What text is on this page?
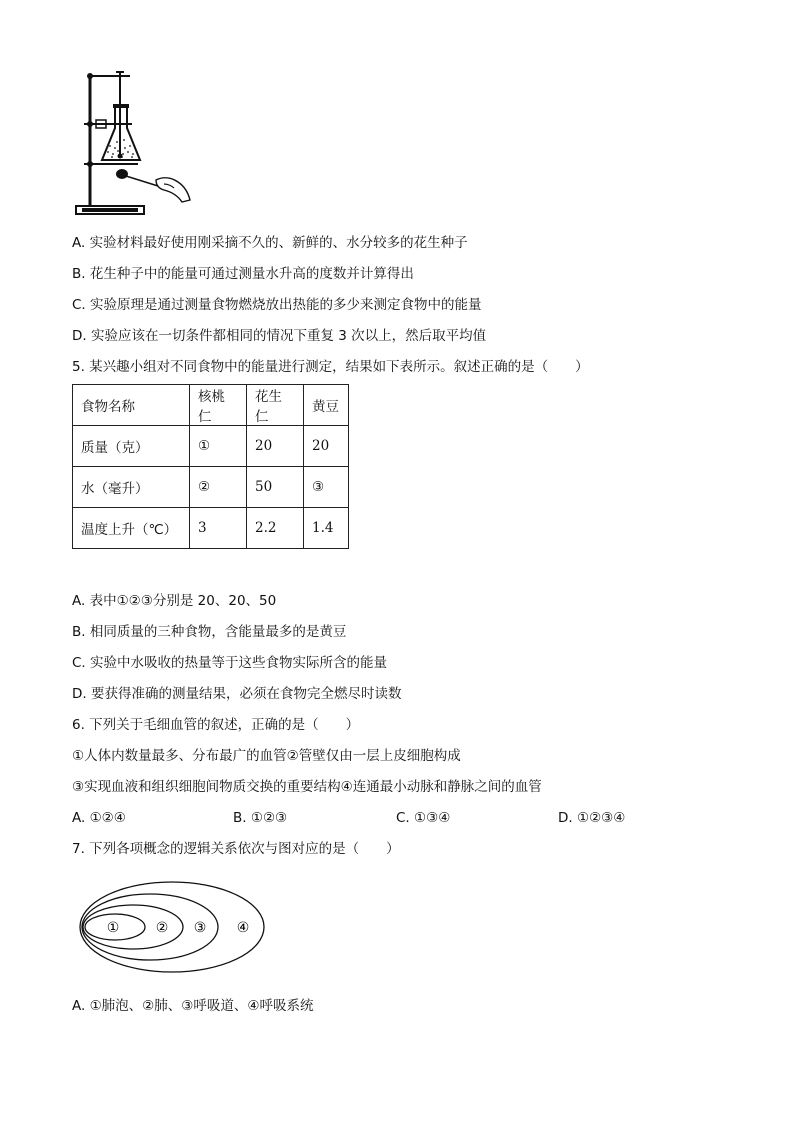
A. 实验材料最好使用刚采摘不久的、新鲜的、水分较多的花生种子
B. 花生种子中的能量可通过测量水升高的度数并计算得出
C. 实验原理是通过测量食物燃烧放出热能的多少来测定食物中的能量
D. 实验应该在一切条件都相同的情况下重复 3 次以上，然后取平均值
5. 某兴趣小组对不同食物中的能量进行测定，结果如下表所示。叙述正确的是（　　）
食物名称	核桃仁	花生仁	黄豆
质量（克）	①	20	20
水（毫升）	②	50	③
温度上升（℃）	3	2.2	1.4
A. 表中①②③分别是 20、20、50
B. 相同质量的三种食物，含能量最多的是黄豆
C. 实验中水吸收的热量等于这些食物实际所含的能量
D. 要获得准确的测量结果，必须在食物完全燃尽时读数
6. 下列关于毛细血管的叙述，正确的是（　　）
①人体内数量最多、分布最广的血管②管壁仅由一层上皮细胞构成
③实现血液和组织细胞间物质交换的重要结构④连通最小动脉和静脉之间的血管
A. ①②④	B. ①②③	C. ①③④	D. ①②③④
7. 下列各项概念的逻辑关系依次与图对应的是（　　）
①	② ③ ④
A. ①肺泡、②肺、③呼吸道、④呼吸系统
